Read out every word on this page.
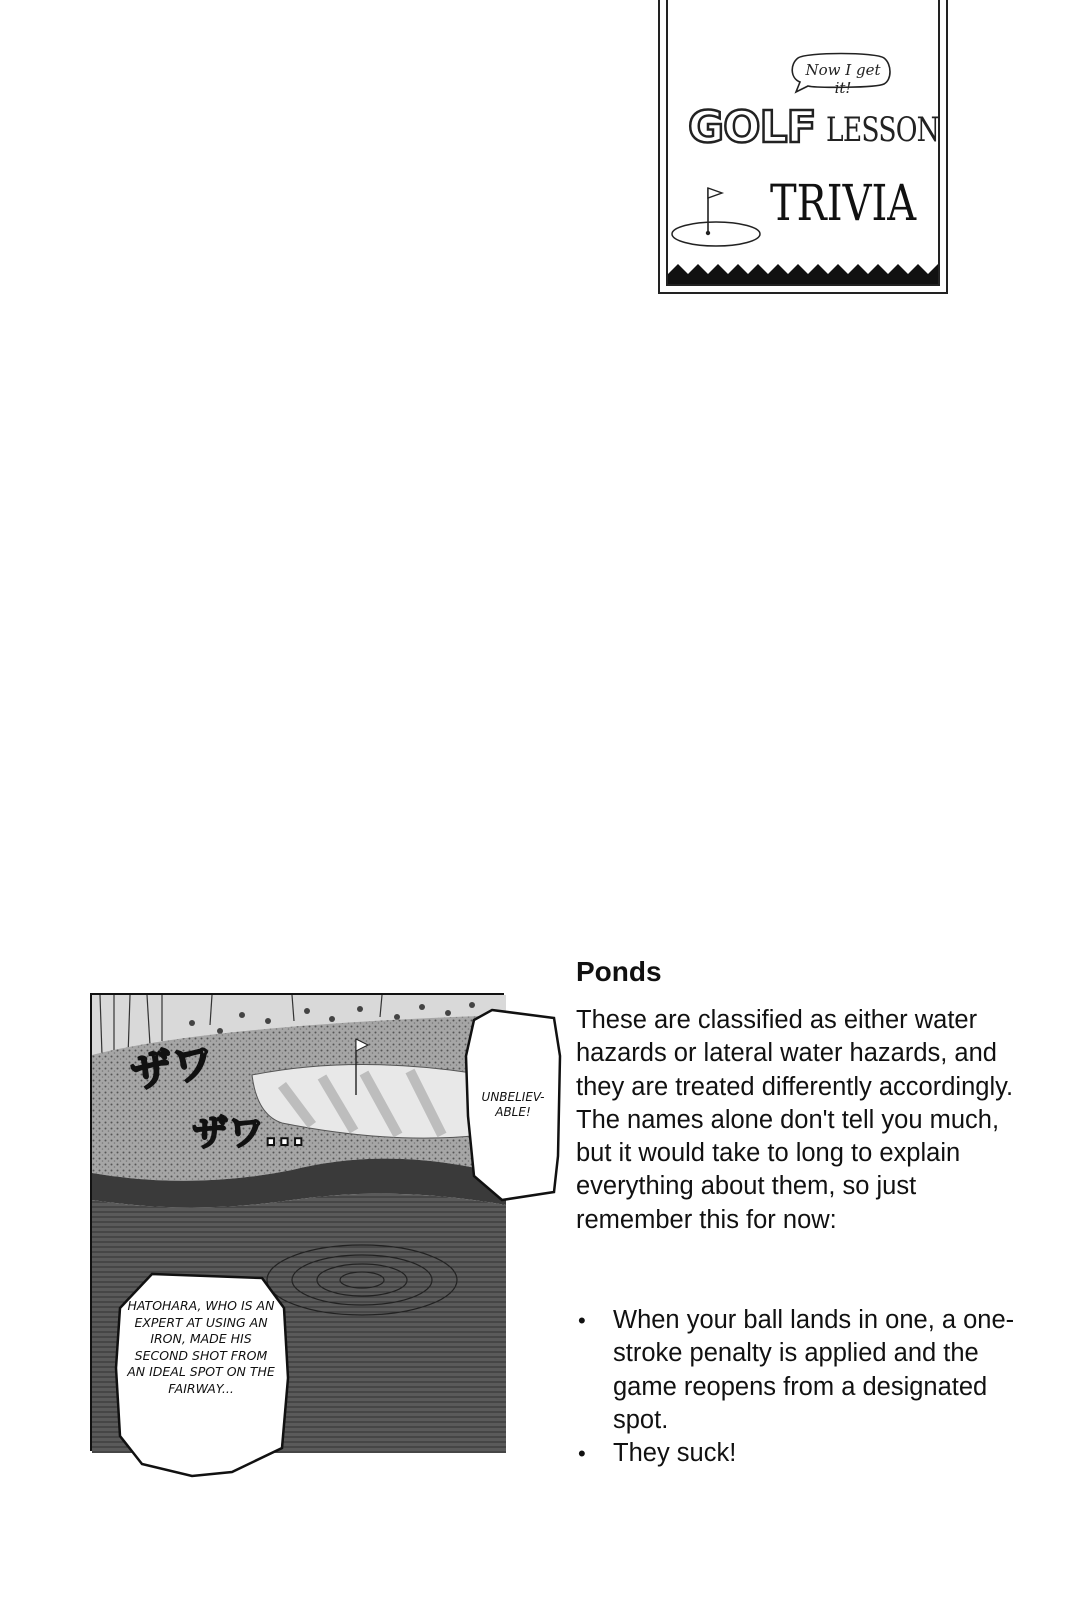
Now I get it!
GOLF LESSON
TRIVIA
ザワ
ザワ...
UNBELIEV-ABLE!
HATOHARA, WHO IS AN EXPERT AT USING AN IRON, MADE HIS SECOND SHOT FROM AN IDEAL SPOT ON THE FAIRWAY...
Ponds

These are classified as either water hazards or lateral water hazards, and they are treated differently accordingly. The names alone don't tell you much, but it would take to long to explain everything about them, so just remember this for now:

• When your ball lands in one, a one-stroke penalty is applied and the game reopens from a designated spot.
• They suck!
